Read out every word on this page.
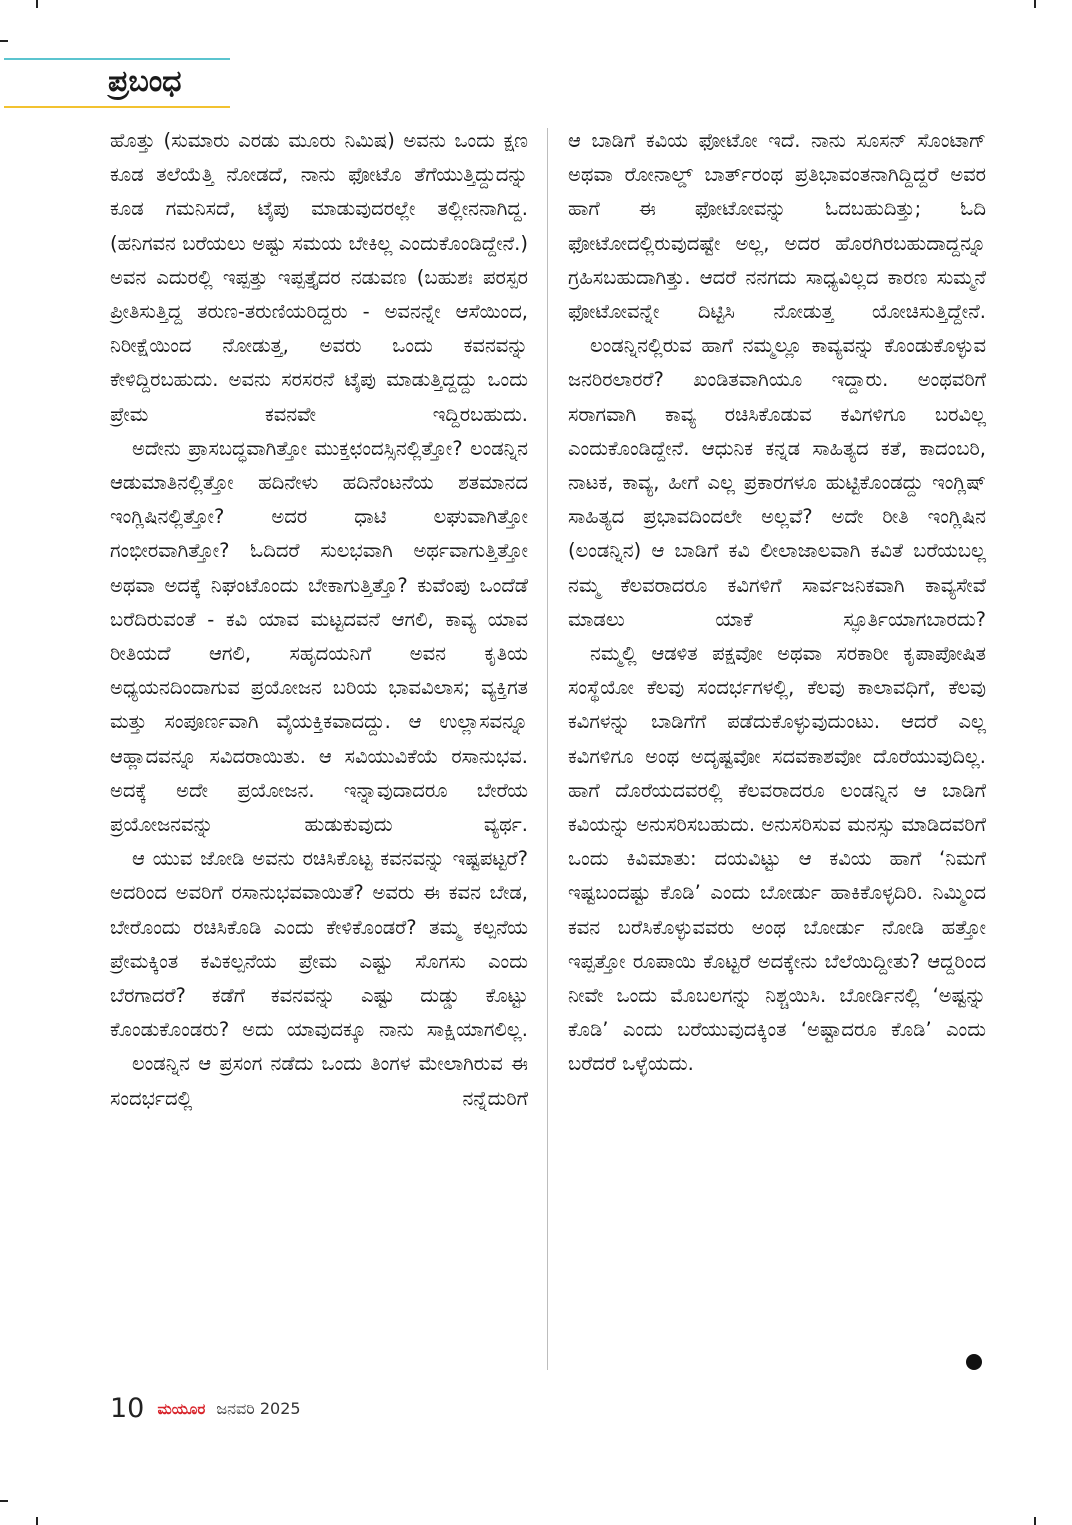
ಪ್ರಬಂಧ

ಹೊತ್ತು (ಸುಮಾರು ಎರಡು ಮೂರು ನಿಮಿಷ) ಅವನು ಒಂದು ಕ್ಷಣ ಕೂಡ ತಲೆಯೆತ್ತಿ ನೋಡದೆ, ನಾನು ಫೋಟೊ ತೆಗೆಯುತ್ತಿದ್ದುದನ್ನು ಕೂಡ ಗಮನಿಸದೆ, ಟೈಪು ಮಾಡುವುದರಲ್ಲೇ ತಲ್ಲೀನನಾಗಿದ್ದ. (ಹನಿಗವನ ಬರೆಯಲು ಅಷ್ಟು ಸಮಯ ಬೇಕಿಲ್ಲ ಎಂದುಕೊಂಡಿದ್ದೇನೆ.) ಅವನ ಎದುರಲ್ಲಿ ಇಪ್ಪತ್ತು ಇಪ್ಪತ್ತೈದರ ನಡುವಣ (ಬಹುಶಃ ಪರಸ್ಪರ ಪ್ರೀತಿಸುತ್ತಿದ್ದ ತರುಣ-ತರುಣಿಯರಿದ್ದರು - ಅವನನ್ನೇ ಆಸೆಯಿಂದ, ನಿರೀಕ್ಷೆಯಿಂದ ನೋಡುತ್ತ, ಅವರು ಒಂದು ಕವನವನ್ನು ಕೇಳಿದ್ದಿರಬಹುದು. ಅವನು ಸರಸರನೆ ಟೈಪು ಮಾಡುತ್ತಿದ್ದದ್ದು ಒಂದು ಪ್ರೇಮ ಕವನವೇ ಇದ್ದಿರಬಹುದು.

ಅದೇನು ಪ್ರಾಸಬದ್ಧವಾಗಿತ್ತೋ ಮುಕ್ತಛಂದಸ್ಸಿನಲ್ಲಿತ್ತೋ? ಲಂಡನ್ನಿನ ಆಡುಮಾತಿನಲ್ಲಿತ್ತೋ ಹದಿನೇಳು ಹದಿನೆಂಟನೆಯ ಶತಮಾನದ ಇಂಗ್ಲಿಷಿನಲ್ಲಿತ್ತೋ? ಅದರ ಧಾಟಿ ಲಘುವಾಗಿತ್ತೋ ಗಂಭೀರವಾಗಿತ್ತೋ? ಓದಿದರೆ ಸುಲಭವಾಗಿ ಅರ್ಥವಾಗುತ್ತಿತ್ತೋ ಅಥವಾ ಅದಕ್ಕೆ ನಿಘಂಟೊಂದು ಬೇಕಾಗುತ್ತಿತ್ತೊ? ಕುವೆಂಪು ಒಂದೆಡೆ ಬರೆದಿರುವಂತೆ - ಕವಿ ಯಾವ ಮಟ್ಟದವನೆ ಆಗಲಿ, ಕಾವ್ಯ ಯಾವ ರೀತಿಯದೆ ಆಗಲಿ, ಸಹೃದಯನಿಗೆ ಅವನ ಕೃತಿಯ ಅಧ್ಯಯನದಿಂದಾಗುವ ಪ್ರಯೋಜನ ಬರಿಯ ಭಾವವಿಲಾಸ; ವ್ಯಕ್ತಿಗತ ಮತ್ತು ಸಂಪೂರ್ಣವಾಗಿ ವೈಯಕ್ತಿಕವಾದದ್ದು. ಆ ಉಲ್ಲಾಸವನ್ನೂ ಆಹ್ಲಾದವನ್ನೂ ಸವಿದರಾಯಿತು. ಆ ಸವಿಯುವಿಕೆಯೆ ರಸಾನುಭವ. ಅದಕ್ಕೆ ಅದೇ ಪ್ರಯೋಜನ. ಇನ್ನಾವುದಾದರೂ ಬೇರೆಯ ಪ್ರಯೋಜನವನ್ನು ಹುಡುಕುವುದು ವ್ಯರ್ಥ.

ಆ ಯುವ ಜೋಡಿ ಅವನು ರಚಿಸಿಕೊಟ್ಟ ಕವನವನ್ನು ಇಷ್ಟಪಟ್ಟರೆ? ಅದರಿಂದ ಅವರಿಗೆ ರಸಾನುಭವವಾಯಿತೆ? ಅವರು ಈ ಕವನ ಬೇಡ, ಬೇರೊಂದು ರಚಿಸಿಕೊಡಿ ಎಂದು ಕೇಳಿಕೊಂಡರೆ? ತಮ್ಮ ಕಲ್ಪನೆಯ ಪ್ರೇಮಕ್ಕಿಂತ ಕವಿಕಲ್ಪನೆಯ ಪ್ರೇಮ ಎಷ್ಟು ಸೊಗಸು ಎಂದು ಬೆರಗಾದರೆ? ಕಡೆಗೆ ಕವನವನ್ನು ಎಷ್ಟು ದುಡ್ಡು ಕೊಟ್ಟು ಕೊಂಡುಕೊಂಡರು? ಅದು ಯಾವುದಕ್ಕೂ ನಾನು ಸಾಕ್ಷಿಯಾಗಲಿಲ್ಲ.

ಲಂಡನ್ನಿನ ಆ ಪ್ರಸಂಗ ನಡೆದು ಒಂದು ತಿಂಗಳ ಮೇಲಾಗಿರುವ ಈ ಸಂದರ್ಭದಲ್ಲಿ ನನ್ನೆದುರಿಗೆ

ಆ ಬಾಡಿಗೆ ಕವಿಯ ಫೋಟೋ ಇದೆ. ನಾನು ಸೂಸನ್ ಸೊಂಟಾಗ್ ಅಥವಾ ರೋನಾಲ್ಡ್ ಬಾರ್ತ್‌ರಂಥ ಪ್ರತಿಭಾವಂತನಾಗಿದ್ದಿದ್ದರೆ ಅವರ ಹಾಗೆ ಈ ಫೋಟೋವನ್ನು ಓದಬಹುದಿತ್ತು; ಓದಿ ಫೋಟೋದಲ್ಲಿರುವುದಷ್ಟೇ ಅಲ್ಲ, ಅದರ ಹೊರಗಿರಬಹುದಾದ್ದನ್ನೂ ಗ್ರಹಿಸಬಹುದಾಗಿತ್ತು. ಆದರೆ ನನಗದು ಸಾಧ್ಯವಿಲ್ಲದ ಕಾರಣ ಸುಮ್ಮನೆ ಫೋಟೋವನ್ನೇ ದಿಟ್ಟಿಸಿ ನೋಡುತ್ತ ಯೋಚಿಸುತ್ತಿದ್ದೇನೆ.

ಲಂಡನ್ನಿನಲ್ಲಿರುವ ಹಾಗೆ ನಮ್ಮಲ್ಲೂ ಕಾವ್ಯವನ್ನು ಕೊಂಡುಕೊಳ್ಳುವ ಜನರಿರಲಾರರೆ? ಖಂಡಿತವಾಗಿಯೂ ಇದ್ದಾರು. ಅಂಥವರಿಗೆ ಸರಾಗವಾಗಿ ಕಾವ್ಯ ರಚಿಸಿಕೊಡುವ ಕವಿಗಳಿಗೂ ಬರವಿಲ್ಲ ಎಂದುಕೊಂಡಿದ್ದೇನೆ. ಆಧುನಿಕ ಕನ್ನಡ ಸಾಹಿತ್ಯದ ಕತೆ, ಕಾದಂಬರಿ, ನಾಟಕ, ಕಾವ್ಯ, ಹೀಗೆ ಎಲ್ಲ ಪ್ರಕಾರಗಳೂ ಹುಟ್ಟಿಕೊಂಡದ್ದು ಇಂಗ್ಲಿಷ್ ಸಾಹಿತ್ಯದ ಪ್ರಭಾವದಿಂದಲೇ ಅಲ್ಲವೆ? ಅದೇ ರೀತಿ ಇಂಗ್ಲಿಷಿನ (ಲಂಡನ್ನಿನ) ಆ ಬಾಡಿಗೆ ಕವಿ ಲೀಲಾಜಾಲವಾಗಿ ಕವಿತೆ ಬರೆಯಬಲ್ಲ ನಮ್ಮ ಕೆಲವರಾದರೂ ಕವಿಗಳಿಗೆ ಸಾರ್ವಜನಿಕವಾಗಿ ಕಾವ್ಯಸೇವೆ ಮಾಡಲು ಯಾಕೆ ಸ್ಫೂರ್ತಿಯಾಗಬಾರದು?

ನಮ್ಮಲ್ಲಿ ಆಡಳಿತ ಪಕ್ಷವೋ ಅಥವಾ ಸರಕಾರೀ ಕೃಪಾಪೋಷಿತ ಸಂಸ್ಥೆಯೋ ಕೆಲವು ಸಂದರ್ಭಗಳಲ್ಲಿ, ಕೆಲವು ಕಾಲಾವಧಿಗೆ, ಕೆಲವು ಕವಿಗಳನ್ನು ಬಾಡಿಗೆಗೆ ಪಡೆದುಕೊಳ್ಳುವುದುಂಟು. ಆದರೆ ಎಲ್ಲ ಕವಿಗಳಿಗೂ ಅಂಥ ಅದೃಷ್ಟವೋ ಸದವಕಾಶವೋ ದೊರೆಯುವುದಿಲ್ಲ. ಹಾಗೆ ದೊರೆಯದವರಲ್ಲಿ ಕೆಲವರಾದರೂ ಲಂಡನ್ನಿನ ಆ ಬಾಡಿಗೆ ಕವಿಯನ್ನು ಅನುಸರಿಸಬಹುದು. ಅನುಸರಿಸುವ ಮನಸ್ಸು ಮಾಡಿದವರಿಗೆ ಒಂದು ಕಿವಿಮಾತು: ದಯವಿಟ್ಟು ಆ ಕವಿಯ ಹಾಗೆ ‘ನಿಮಗೆ ಇಷ್ಟಬಂದಷ್ಟು ಕೊಡಿ’ ಎಂದು ಬೋರ್ಡು ಹಾಕಿಕೊಳ್ಳದಿರಿ. ನಿಮ್ಮಿಂದ ಕವನ ಬರೆಸಿಕೊಳ್ಳುವವರು ಅಂಥ ಬೋರ್ಡು ನೋಡಿ ಹತ್ತೋ ಇಪ್ಪತ್ತೋ ರೂಪಾಯಿ ಕೊಟ್ಟರೆ ಅದಕ್ಕೇನು ಬೆಲೆಯಿದ್ದೀತು? ಆದ್ದರಿಂದ ನೀವೇ ಒಂದು ಮೊಬಲಗನ್ನು ನಿಶ್ಚಯಿಸಿ. ಬೋರ್ಡಿನಲ್ಲಿ ‘ಅಷ್ಟನ್ನು ಕೊಡಿ’ ಎಂದು ಬರೆಯುವುದಕ್ಕಿಂತ ‘ಅಷ್ಟಾದರೂ ಕೊಡಿ’ ಎಂದು ಬರೆದರೆ ಒಳ್ಳೆಯದು.

10 ಮಯೂರ ಜನವರಿ 2025
